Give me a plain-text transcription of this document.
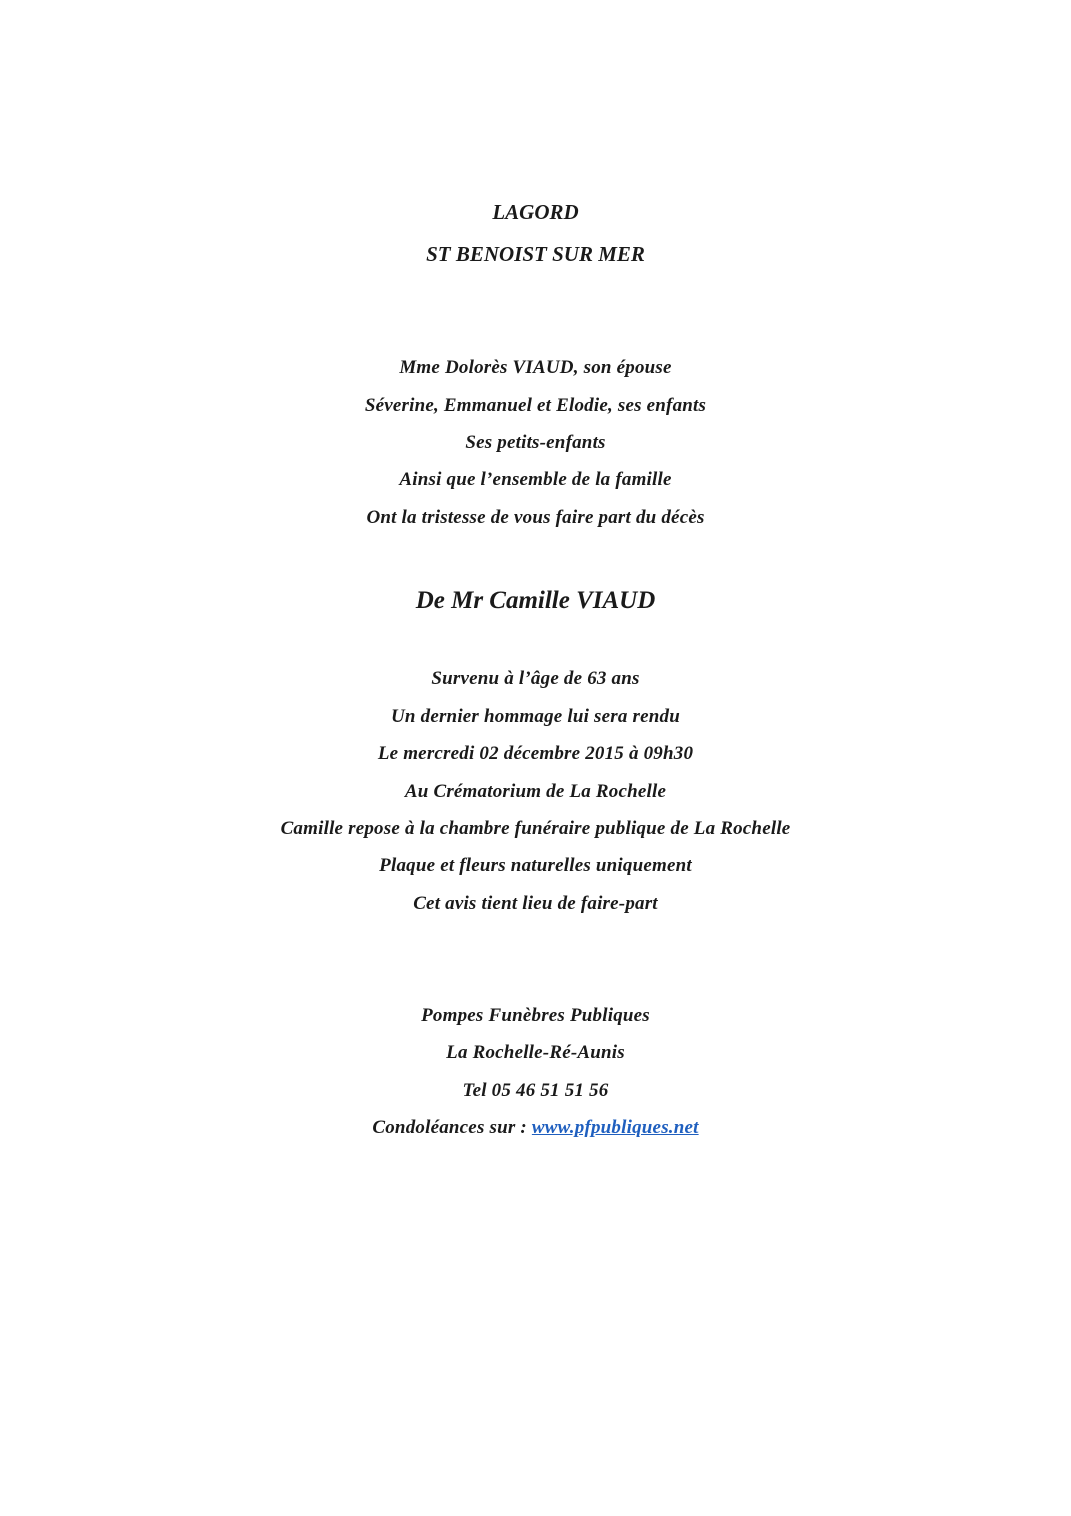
LAGORD
ST BENOIST SUR MER
Mme Dolorès VIAUD, son épouse
Séverine, Emmanuel et Elodie, ses enfants
Ses petits-enfants
Ainsi que l’ensemble de la famille
Ont la tristesse de vous faire part du décès
De Mr Camille VIAUD
Survenu à l’âge de 63 ans
Un dernier hommage lui sera rendu
Le mercredi 02 décembre 2015 à 09h30
Au Crématorium de La Rochelle
Camille repose à la chambre funéraire publique de La Rochelle
Plaque et fleurs naturelles uniquement
Cet avis tient lieu de faire-part
Pompes Funèbres Publiques
La Rochelle-Ré-Aunis
Tel 05 46 51 51 56
Condoléances sur : www.pfpubliques.net
